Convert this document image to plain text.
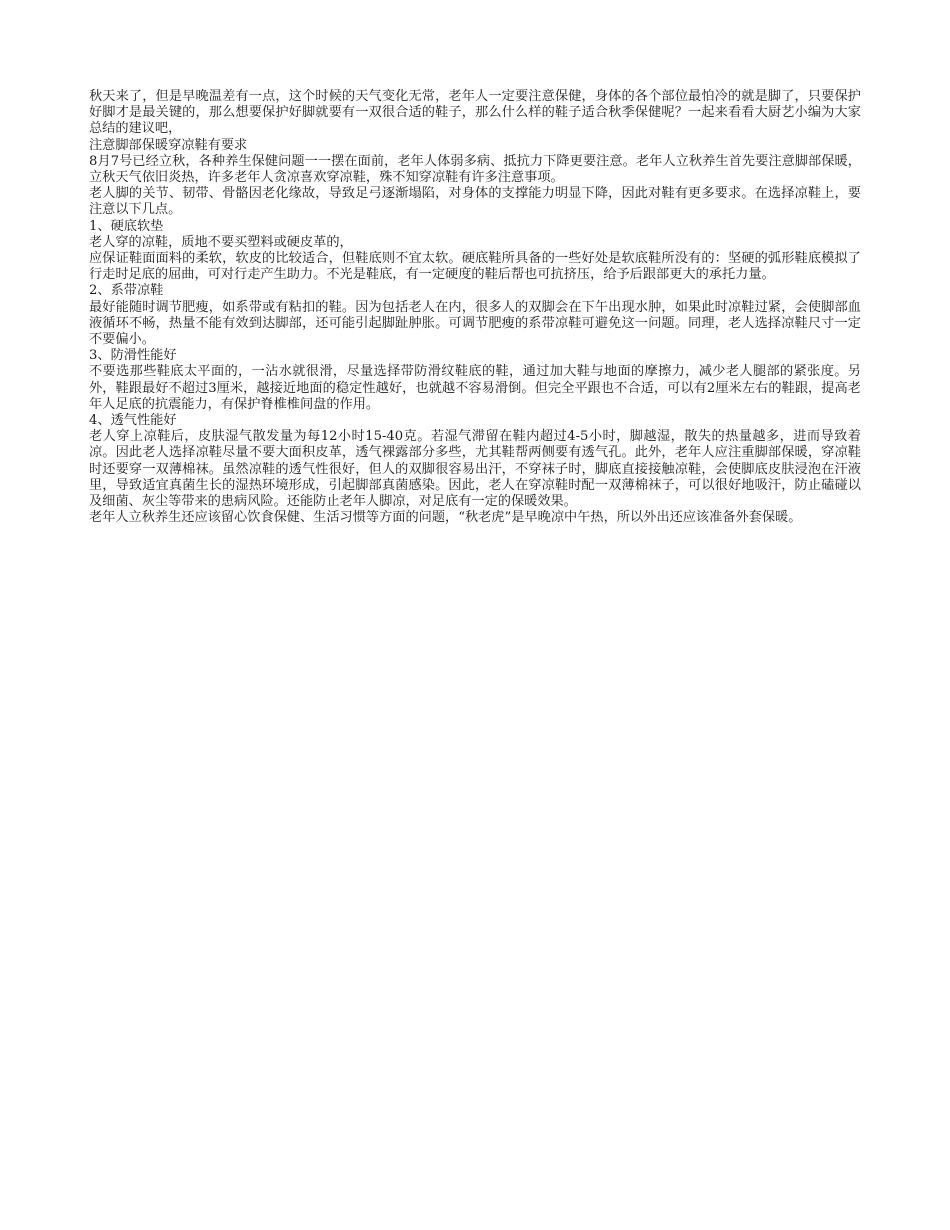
秋天来了，但是早晚温差有一点，这个时候的天气变化无常，老年人一定要注意保健，身体的各个部位最怕冷的就是脚了，只要保护好脚才是最关键的，那么想要保护好脚就要有一双很合适的鞋子，那么什么样的鞋子适合秋季保健呢？一起来看看大厨艺小编为大家总结的建议吧，

注意脚部保暖穿凉鞋有要求

8月7号已经立秋，各种养生保健问题一一摆在面前，老年人体弱多病、抵抗力下降更要注意。老年人立秋养生首先要注意脚部保暖，立秋天气依旧炎热，许多老年人贪凉喜欢穿凉鞋，殊不知穿凉鞋有许多注意事项。

老人脚的关节、韧带、骨骼因老化缘故，导致足弓逐渐塌陷，对身体的支撑能力明显下降，因此对鞋有更多要求。在选择凉鞋上，要注意以下几点。

1、硬底软垫

老人穿的凉鞋，质地不要买塑料或硬皮革的，

应保证鞋面面料的柔软，软皮的比较适合，但鞋底则不宜太软。硬底鞋所具备的一些好处是软底鞋所没有的：坚硬的弧形鞋底模拟了行走时足底的屈曲，可对行走产生助力。不光是鞋底，有一定硬度的鞋后帮也可抗挤压，给予后跟部更大的承托力量。

2、系带凉鞋

最好能随时调节肥瘦，如系带或有粘扣的鞋。因为包括老人在内，很多人的双脚会在下午出现水肿，如果此时凉鞋过紧，会使脚部血液循环不畅，热量不能有效到达脚部，还可能引起脚趾肿胀。可调节肥瘦的系带凉鞋可避免这一问题。同理，老人选择凉鞋尺寸一定不要偏小。

3、防滑性能好

不要选那些鞋底太平面的，一沾水就很滑，尽量选择带防滑纹鞋底的鞋，通过加大鞋与地面的摩擦力，减少老人腿部的紧张度。另外，鞋跟最好不超过3厘米，越接近地面的稳定性越好，也就越不容易滑倒。但完全平跟也不合适，可以有2厘米左右的鞋跟，提高老年人足底的抗震能力，有保护脊椎椎间盘的作用。

4、透气性能好

老人穿上凉鞋后，皮肤湿气散发量为每12小时15-40克。若湿气滞留在鞋内超过4-5小时，脚越湿，散失的热量越多，进而导致着凉。因此老人选择凉鞋尽量不要大面积皮革，透气裸露部分多些，尤其鞋帮两侧要有透气孔。此外，老年人应注重脚部保暖，穿凉鞋时还要穿一双薄棉袜。虽然凉鞋的透气性很好，但人的双脚很容易出汗，不穿袜子时，脚底直接接触凉鞋，会使脚底皮肤浸泡在汗液里，导致适宜真菌生长的湿热环境形成，引起脚部真菌感染。因此，老人在穿凉鞋时配一双薄棉袜子，可以很好地吸汗，防止磕碰以及细菌、灰尘等带来的患病风险。还能防止老年人脚凉，对足底有一定的保暖效果。

老年人立秋养生还应该留心饮食保健、生活习惯等方面的问题，“秋老虎”是早晚凉中午热，所以外出还应该准备外套保暖。
